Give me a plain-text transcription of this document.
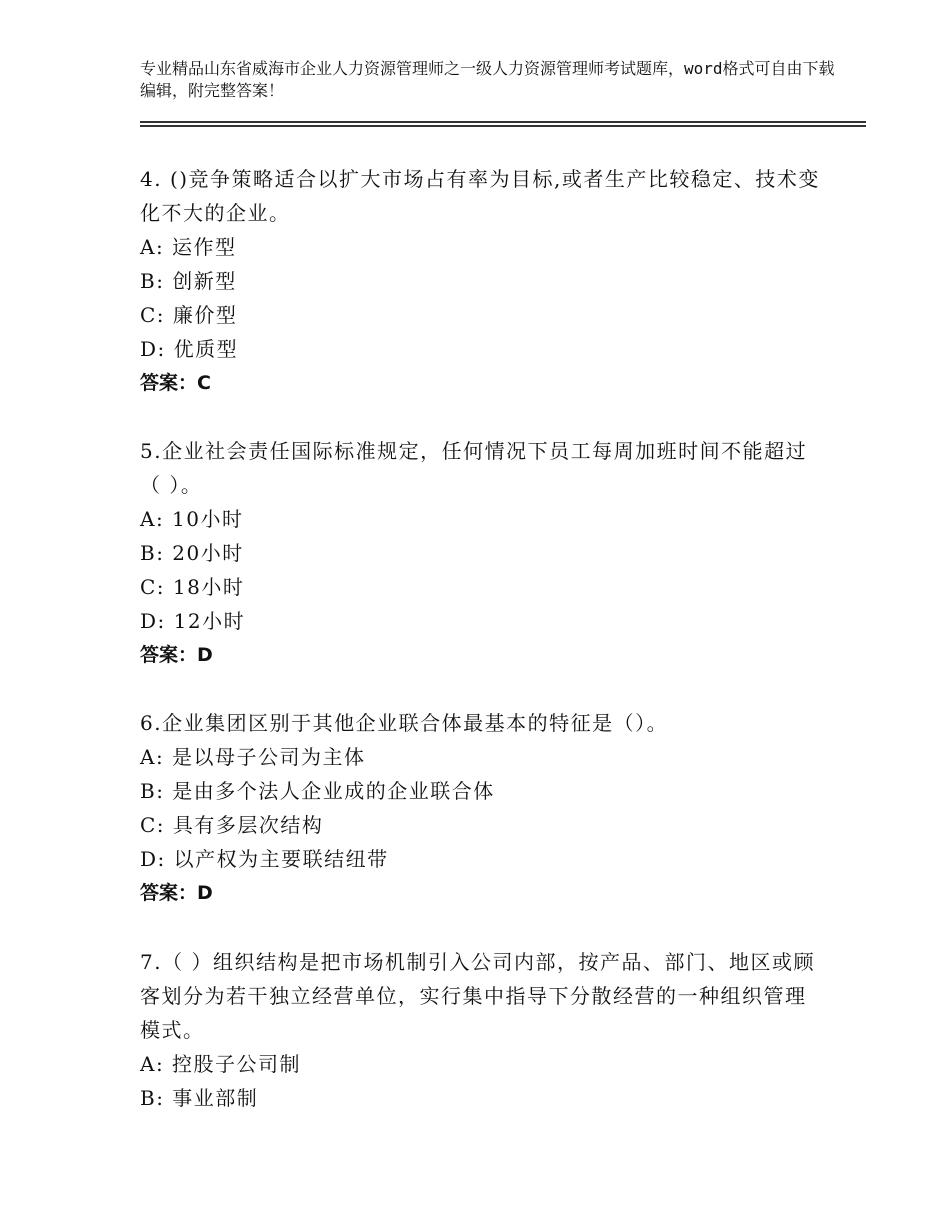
专业精品山东省威海市企业人力资源管理师之一级人力资源管理师考试题库，word格式可自由下载编辑，附完整答案！
4. ()竞争策略适合以扩大市场占有率为目标,或者生产比较稳定、技术变化不大的企业。
A: 运作型
B: 创新型
C: 廉价型
D: 优质型
答案：C
5.企业社会责任国际标准规定，任何情况下员工每周加班时间不能超过（ ）。
A: 10小时
B: 20小时
C: 18小时
D: 12小时
答案：D
6.企业集团区别于其他企业联合体最基本的特征是（）。
A: 是以母子公司为主体
B: 是由多个法人企业成的企业联合体
C: 具有多层次结构
D: 以产权为主要联结纽带
答案：D
7.（ ）组织结构是把市场机制引入公司内部，按产品、部门、地区或顾客划分为若干独立经营单位，实行集中指导下分散经营的一种组织管理模式。
A: 控股子公司制
B: 事业部制
